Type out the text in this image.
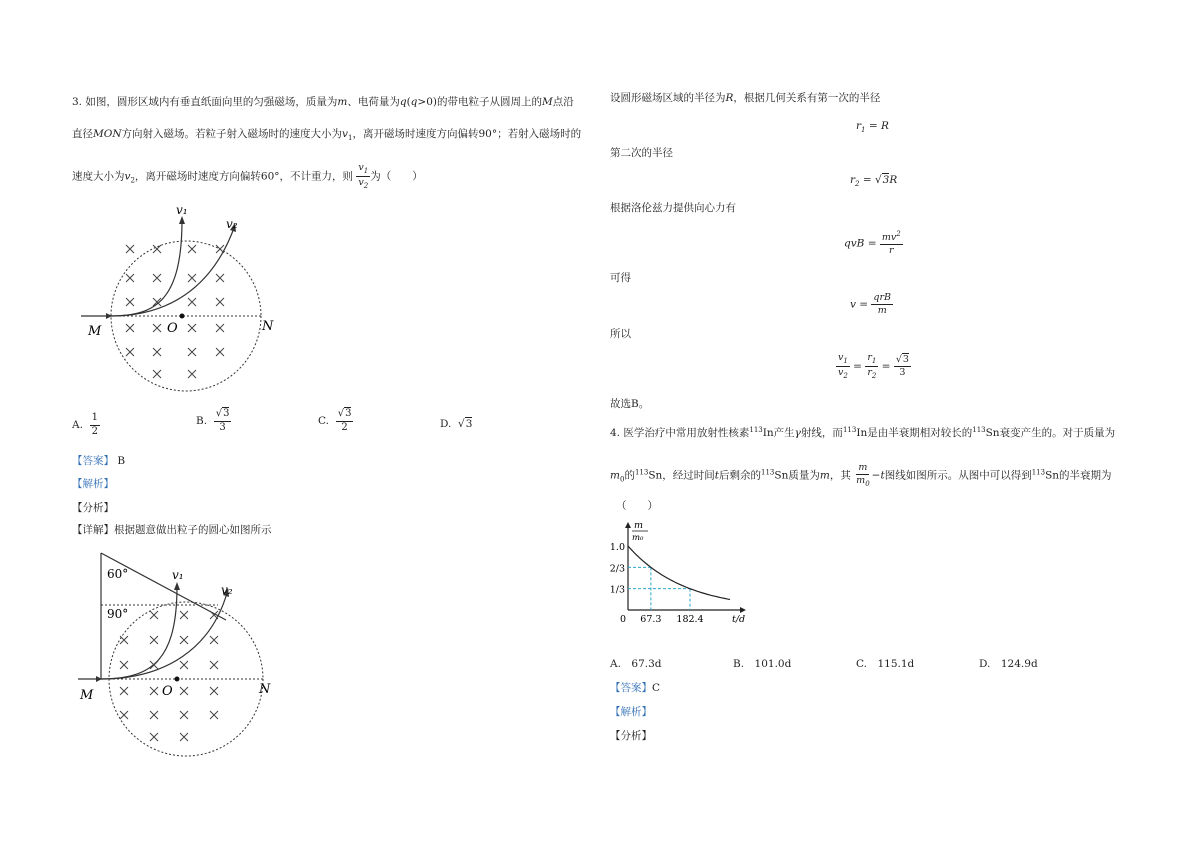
3. 如图，圆形区域内有垂直纸面向里的匀强磁场，质量为m、电荷量为q(q>0)的带电粒子从圆周上的M点沿
直径MON方向射入磁场。若粒子射入磁场时的速度大小为$v_1$，离开磁场时速度方向偏转90°；若射入磁场时的
速度大小为$v_2$，离开磁场时速度方向偏转60°，不计重力，则 $\frac{v_1}{v_2}$ 为（　　）
v₁
v₂
M	O	N
A. $\frac{1}{2}$	B. $\frac{√3}{3}$	C. $\frac{√3}{2}$	D.  √3
【答案】 B
【解析】
【分析】
【详解】根据题意做出粒子的圆心如图所示
60°
90°
v₁
v₂
M	O	N
设圆形磁场区域的半径为R，根据几何关系有第一次的半径
$r_1 = R$
第二次的半径
$r_2 = √3R$
根据洛伦兹力提供向心力有
qvB = $\frac{mv^2}{r}$
可得
$v = \frac{\text{qrB}}{m}$
所以
$\frac{v_1}{v_2} = \frac{r_1}{r_2} = \frac{√3}{3}$
故选B。
4. 医学治疗中常用放射性核素$^{113}$In产生γ射线，而$^{113}$In是由半衰期相对较长的$^{113}$Sn衰变产生的。对于质量为
$m_0$的$^{113}$Sn，经过时间t后剩余的$^{113}$Sn质量为m，其 $\frac{m}{m_0} -t$图线如图所示。从图中可以得到$^{113}$Sn的半衰期为
（　　）
1.0
2/3
1/3
67.3 182.4
0	t/d
m
m₀
A.　67.3d	B.　101.0d	C.　115.1d	D.　124.9d
【答案】C
【解析】
【分析】
